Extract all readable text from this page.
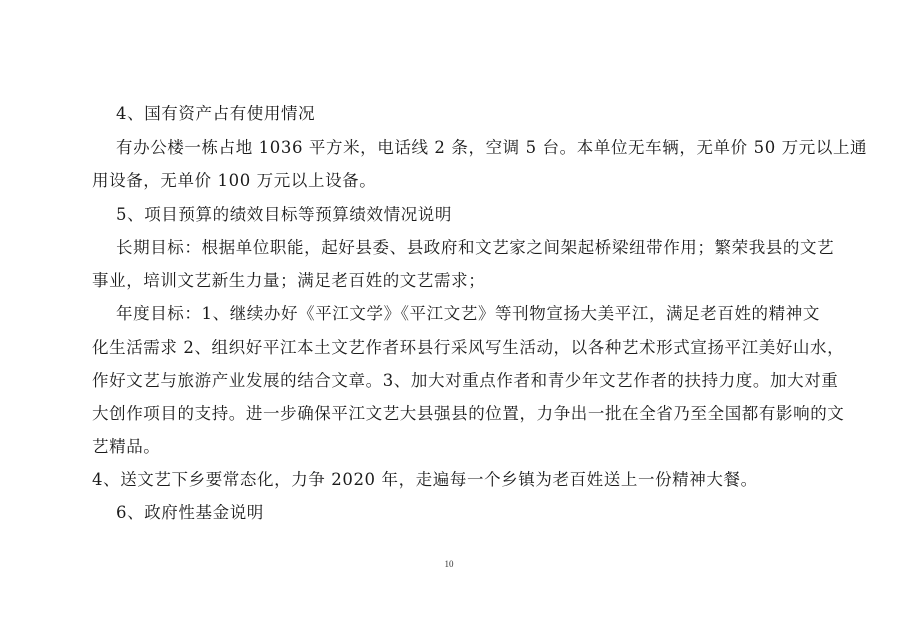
4、国有资产占有使用情况
有办公楼一栋占地 1036 平方米，电话线 2 条，空调 5 台。本单位无车辆，无单价 50 万元以上通
用设备，无单价 100 万元以上设备。
5、项目预算的绩效目标等预算绩效情况说明
长期目标：根据单位职能，起好县委、县政府和文艺家之间架起桥梁纽带作用；繁荣我县的文艺
事业，培训文艺新生力量；满足老百姓的文艺需求；
年度目标：1、继续办好《平江文学》《平江文艺》等刊物宣扬大美平江，满足老百姓的精神文
化生活需求 2、组织好平江本土文艺作者环县行采风写生活动，以各种艺术形式宣扬平江美好山水，
作好文艺与旅游产业发展的结合文章。3、加大对重点作者和青少年文艺作者的扶持力度。加大对重
大创作项目的支持。进一步确保平江文艺大县强县的位置，力争出一批在全省乃至全国都有影响的文
艺精品。
4、送文艺下乡要常态化，力争 2020 年，走遍每一个乡镇为老百姓送上一份精神大餐。
6、政府性基金说明
10
